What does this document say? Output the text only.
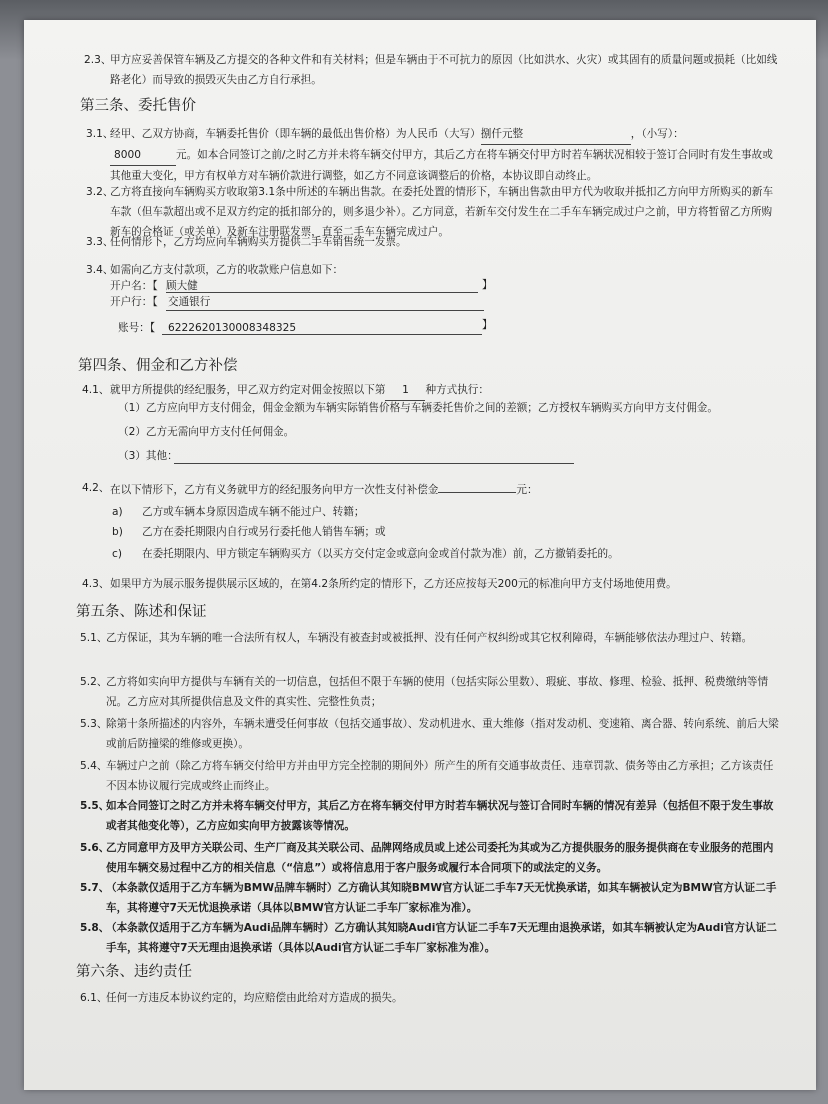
2.3、
甲方应妥善保管车辆及乙方提交的各种文件和有关材料；但是车辆由于不可抗力的原因（比如洪水、火灾）或其固有的质量问题或损耗（比如线路老化）而导致的损毁灭失由乙方自行承担。
第三条、委托售价
3.1、
经甲、乙双方协商，车辆委托售价（即车辆的最低出售价格）为人民币（大写）捌仟元整	，（小写）：
8000	元。如本合同签订之前/之时乙方并未将车辆交付甲方，其后乙方在将车辆交付甲方时若车辆状况相较于签订合同时有发生事故或其他重大变化，甲方有权单方对车辆价款进行调整，如乙方不同意该调整后的价格，本协议即自动终止。
3.2、
乙方将直接向车辆购买方收取第3.1条中所述的车辆出售款。在委托处置的情形下，车辆出售款由甲方代为收取并抵扣乙方向甲方所购买的新车车款（但车款超出或不足双方约定的抵扣部分的，则多退少补）。乙方同意，若新车交付发生在二手车车辆完成过户之前，甲方将暂留乙方所购新车的合格证（或关单）及新车注册联发票，直至二手车车辆完成过户。
3.3、
任何情形下，乙方均应向车辆购买方提供二手车销售统一发票。
3.4、
如需向乙方支付款项，乙方的收款账户信息如下：
开户名：【 顾大健	】
开户行：【 交通银行
账号：【 6222620130008348325	】
第四条、佣金和乙方补偿
4.1、 就甲方所提供的经纪服务，甲乙双方约定对佣金按照以下第 1 种方式执行：
（1）乙方应向甲方支付佣金，佣金金额为车辆实际销售价格与车辆委托售价之间的差额；乙方授权车辆购买方向甲方支付佣金。
（2）乙方无需向甲方支付任何佣金。
（3）其他：
4.2、 在以下情形下，乙方有义务就甲方的经纪服务向甲方一次性支付补偿金	元：
a) 乙方或车辆本身原因造成车辆不能过户、转籍；
b) 乙方在委托期限内自行或另行委托他人销售车辆；或
c) 在委托期限内、甲方锁定车辆购买方（以买方交付定金或意向金或首付款为准）前，乙方撤销委托的。
4.3、 如果甲方为展示服务提供展示区域的，在第4.2条所约定的情形下，乙方还应按每天200元的标准向甲方支付场地使用费。
第五条、陈述和保证
5.1、
乙方保证，其为车辆的唯一合法所有权人，车辆没有被查封或被抵押、没有任何产权纠纷或其它权利障碍，车辆能够依法办理过户、转籍。
5.2、
乙方将如实向甲方提供与车辆有关的一切信息，包括但不限于车辆的使用（包括实际公里数）、瑕疵、事故、修理、检验、抵押、税费缴纳等情况。乙方应对其所提供信息及文件的真实性、完整性负责；
5.3、
除第十条所描述的内容外，车辆未遭受任何事故（包括交通事故）、发动机进水、重大维修（指对发动机、变速箱、离合器、转向系统、前后大梁或前后防撞梁的维修或更换）。
5.4、
车辆过户之前（除乙方将车辆交付给甲方并由甲方完全控制的期间外）所产生的所有交通事故责任、违章罚款、债务等由乙方承担；乙方该责任不因本协议履行完成或终止而终止。
5.5、
如本合同签订之时乙方并未将车辆交付甲方，其后乙方在将车辆交付甲方时若车辆状况与签订合同时车辆的情况有差异（包括但不限于发生事故或者其他变化等），乙方应如实向甲方披露该等情况。
5.6、
乙方同意甲方及甲方关联公司、生产厂商及其关联公司、品牌网络成员或上述公司委托为其或为乙方提供服务的服务提供商在专业服务的范围内使用车辆交易过程中乙方的相关信息（“信息”）或将信息用于客户服务或履行本合同项下的或法定的义务。
5.7、
（本条款仅适用于乙方车辆为BMW品牌车辆时）乙方确认其知晓BMW官方认证二手车7天无忧换承诺，如其车辆被认定为BMW官方认证二手车，其将遵守7天无忧退换承诺（具体以BMW官方认证二手车厂家标准为准）。
5.8、
（本条款仅适用于乙方车辆为Audi品牌车辆时）乙方确认其知晓Audi官方认证二手车7天无理由退换承诺，如其车辆被认定为Audi官方认证二手车，其将遵守7天无理由退换承诺（具体以Audi官方认证二手车厂家标准为准）。
第六条、违约责任
6.1、
任何一方违反本协议约定的，均应赔偿由此给对方造成的损失。
